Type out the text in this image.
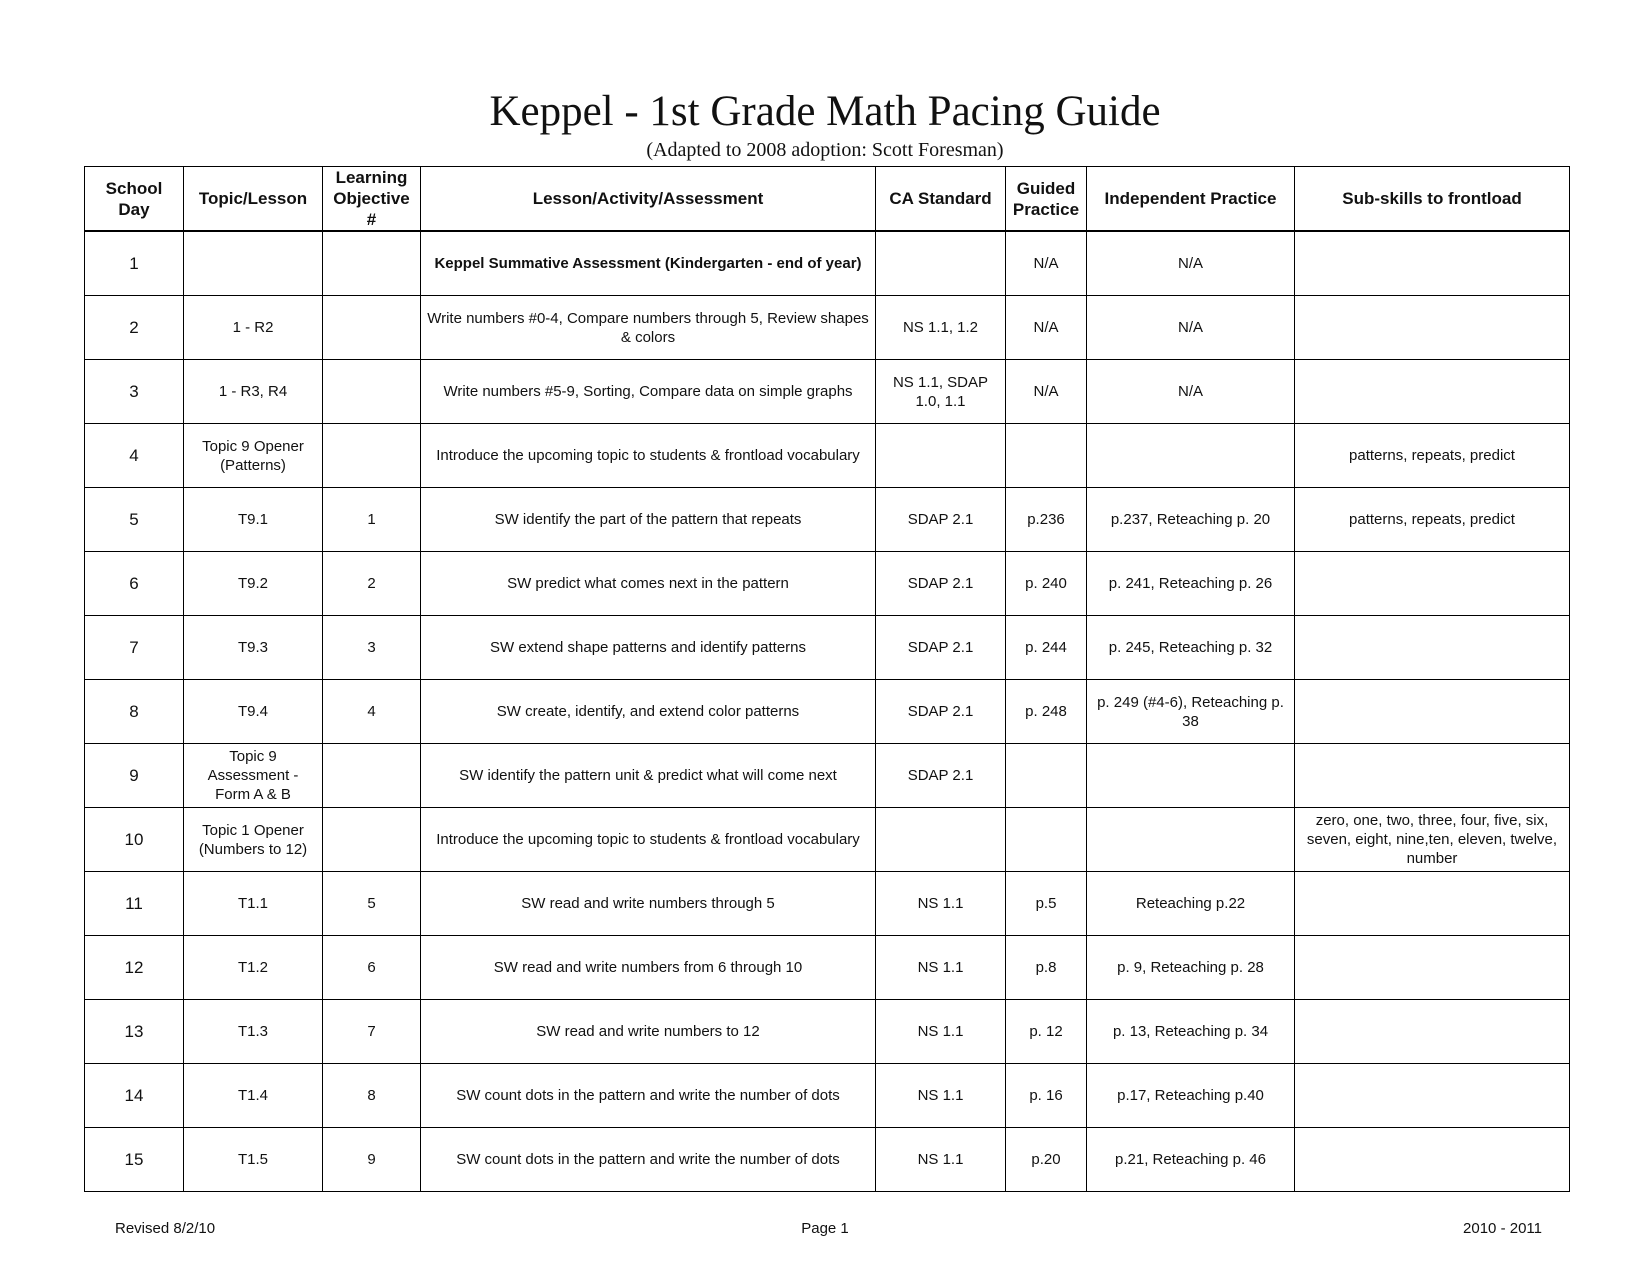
Keppel - 1st Grade Math Pacing Guide
(Adapted to 2008 adoption: Scott Foresman)
School Day	Topic/Lesson	Learning Objective #	Lesson/Activity/Assessment	CA Standard	Guided Practice	Independent Practice	Sub-skills to frontload
1			Keppel Summative Assessment (Kindergarten - end of year)		N/A	N/A	
2	1 - R2		Write numbers #0-4, Compare numbers through 5, Review shapes & colors	NS 1.1, 1.2	N/A	N/A	
3	1 - R3, R4		Write numbers #5-9, Sorting, Compare data on simple graphs	NS 1.1, SDAP 1.0, 1.1	N/A	N/A	
4	Topic 9 Opener (Patterns)		Introduce the upcoming topic to students & frontload vocabulary				patterns, repeats, predict
5	T9.1	1	SW identify the part of the pattern that repeats	SDAP 2.1	p.236	p.237, Reteaching p. 20	patterns, repeats, predict
6	T9.2	2	SW predict what comes next in the pattern	SDAP 2.1	p. 240	p. 241, Reteaching p. 26	
7	T9.3	3	SW extend shape patterns and identify patterns	SDAP 2.1	p. 244	p. 245, Reteaching p. 32	
8	T9.4	4	SW create, identify, and extend color patterns	SDAP 2.1	p. 248	p. 249 (#4-6), Reteaching p. 38	
9	Topic 9 Assessment - Form A & B		SW identify the pattern unit & predict what will come next	SDAP 2.1			
10	Topic 1 Opener (Numbers to 12)		Introduce the upcoming topic to students & frontload vocabulary				zero, one, two, three, four, five, six, seven, eight, nine,ten, eleven, twelve, number
11	T1.1	5	SW read and write numbers through 5	NS 1.1	p.5	Reteaching p.22	
12	T1.2	6	SW read and write numbers from 6 through 10	NS 1.1	p.8	p. 9, Reteaching p. 28	
13	T1.3	7	SW read and write numbers to 12	NS 1.1	p. 12	p. 13, Reteaching p. 34	
14	T1.4	8	SW count dots in the pattern and write the number of dots	NS 1.1	p. 16	p.17, Reteaching p.40	
15	T1.5	9	SW count dots in the pattern and write the number of dots	NS 1.1	p.20	p.21, Reteaching p. 46	
Revised 8/2/10	Page 1	2010 - 2011
